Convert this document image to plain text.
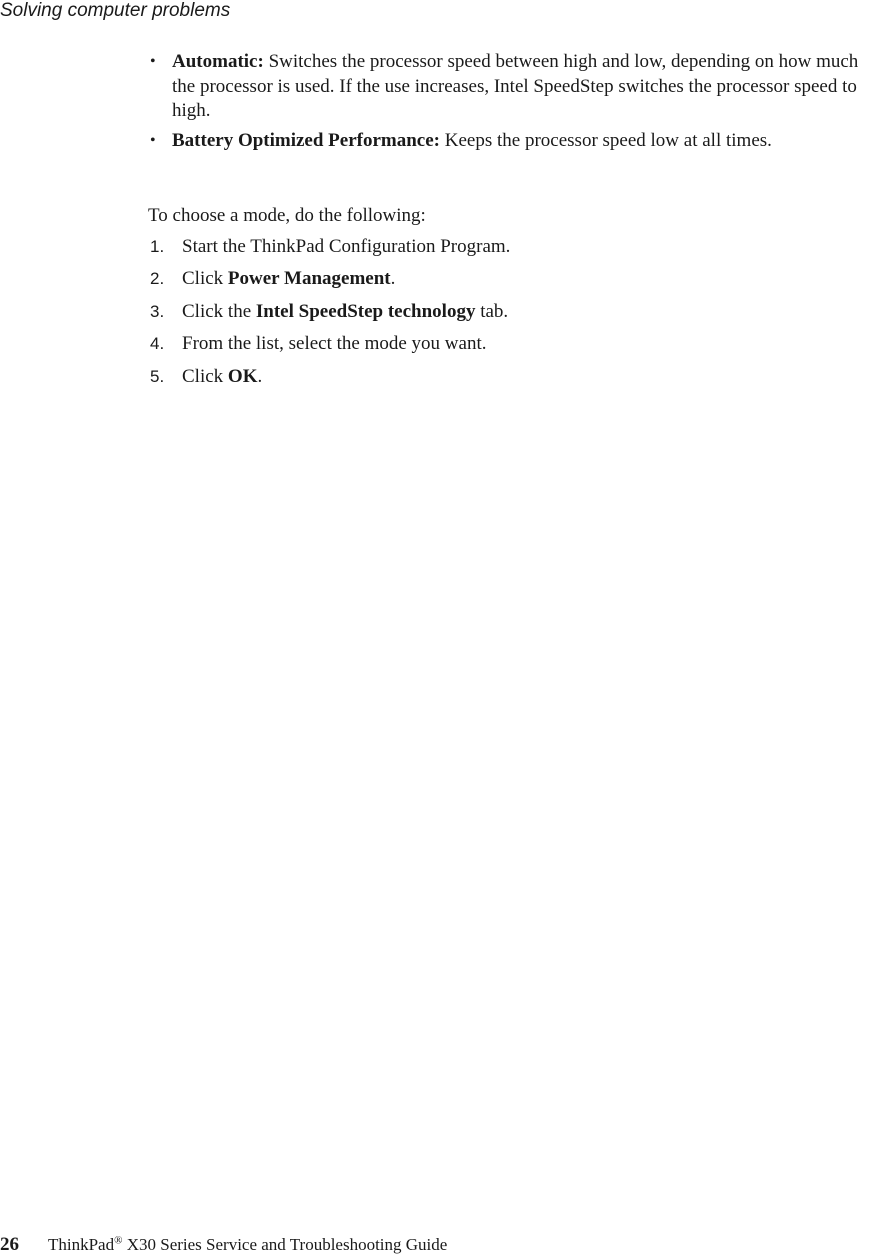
Solving computer problems
• Automatic: Switches the processor speed between high and low, depending on how much the processor is used. If the use increases, Intel SpeedStep switches the processor speed to high.
• Battery Optimized Performance: Keeps the processor speed low at all times.

To choose a mode, do the following:

1. Start the ThinkPad Configuration Program.
2. Click Power Management.
3. Click the Intel SpeedStep technology tab.
4. From the list, select the mode you want.
5. Click OK.
26 ThinkPad® X30 Series Service and Troubleshooting Guide
